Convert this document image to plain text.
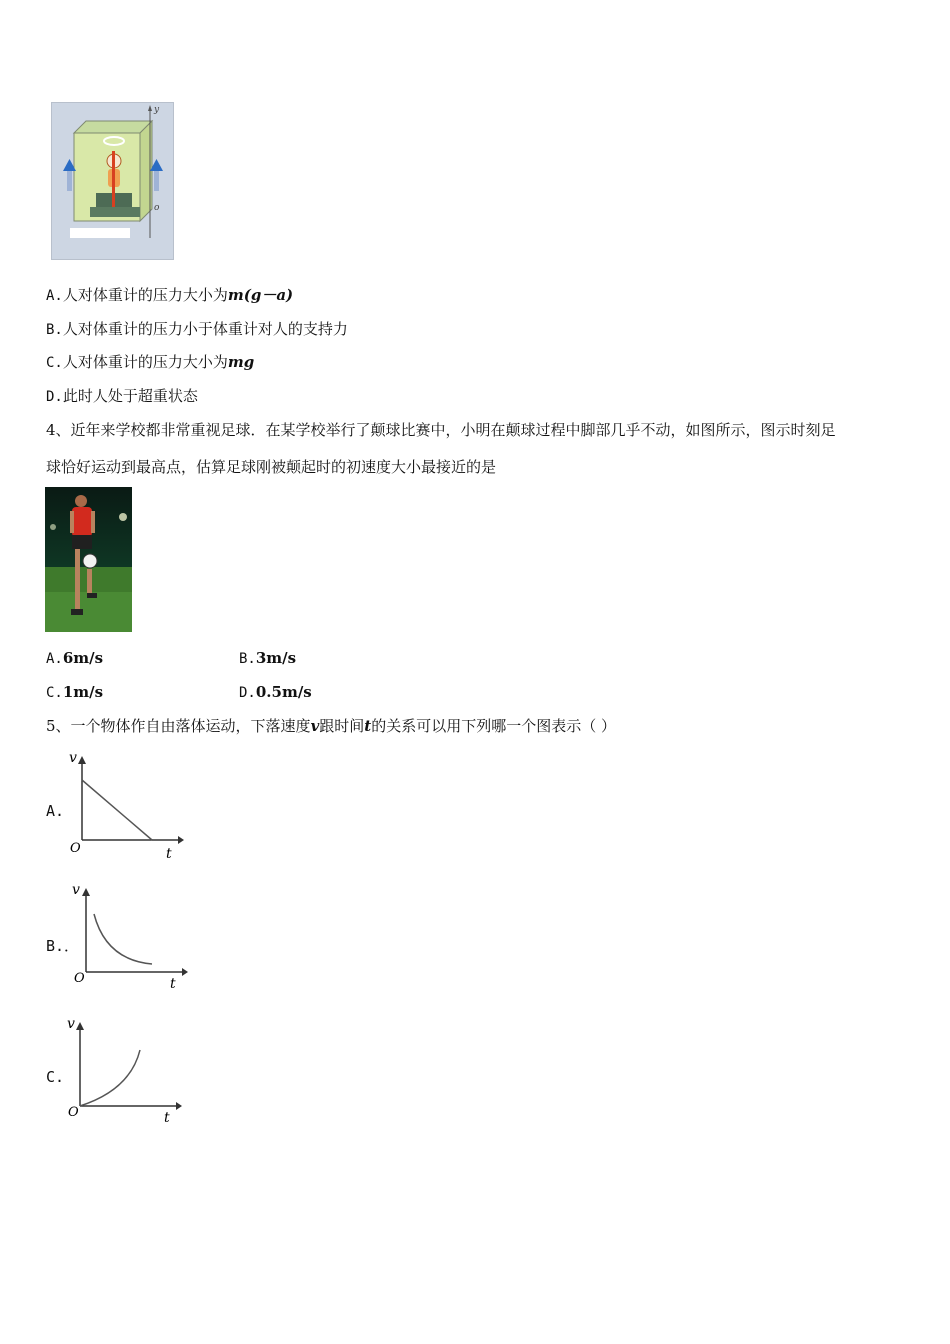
y
o
A.人对体重计的压力大小为m(g－a)
B.人对体重计的压力小于体重计对人的支持力
C.人对体重计的压力大小为mg
D.此时人处于超重状态
4、近年来学校都非常重视足球．在某学校举行了颠球比赛中，小明在颠球过程中脚部几乎不动，如图所示，图示时刻足
球恰好运动到最高点，估算足球刚被颠起时的初速度大小最接近的是
A.6m/s	B.3m/s
C.1m/s	D.0.5m/s
5、一个物体作自由落体运动，下落速度v跟时间t的关系可以用下列哪一个图表示（ ）
A.
v
O	t
B.．
v
O	t
C.
v
O	t
